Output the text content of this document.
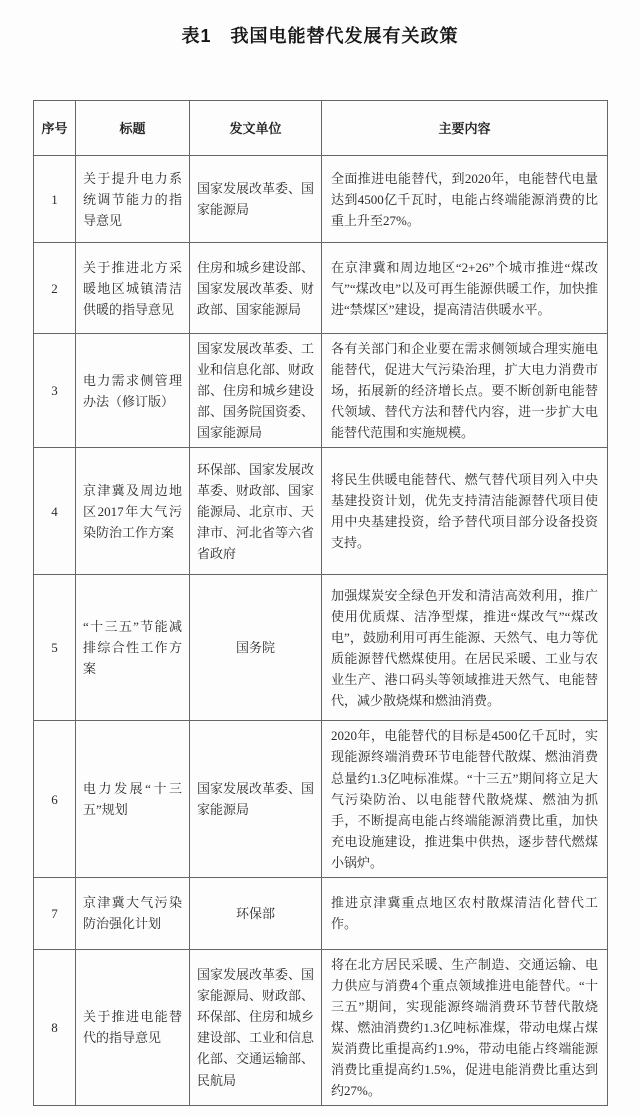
表1　我国电能替代发展有关政策
序号	标题	发文单位	主要内容
1	关于提升电力系统调节能力的指导意见	国家发展改革委、国家能源局	全面推进电能替代，到2020年，电能替代电量达到4500亿千瓦时，电能占终端能源消费的比重上升至27%。
2	关于推进北方采暖地区城镇清洁供暖的指导意见	住房和城乡建设部、国家发展改革委、财政部、国家能源局	在京津冀和周边地区“2+26”个城市推进“煤改气”“煤改电”以及可再生能源供暖工作，加快推进“禁煤区”建设，提高清洁供暖水平。
3	电力需求侧管理办法（修订版）	国家发展改革委、工业和信息化部、财政部、住房和城乡建设部、国务院国资委、国家能源局	各有关部门和企业要在需求侧领域合理实施电能替代，促进大气污染治理，扩大电力消费市场，拓展新的经济增长点。要不断创新电能替代领域、替代方法和替代内容，进一步扩大电能替代范围和实施规模。
4	京津冀及周边地区2017年大气污染防治工作方案	环保部、国家发展改革委、财政部、国家能源局、北京市、天津市、河北省等六省省政府	将民生供暖电能替代、燃气替代项目列入中央基建投资计划，优先支持清洁能源替代项目使用中央基建投资，给予替代项目部分设备投资支持。
5	“十三五”节能减排综合性工作方案	国务院	加强煤炭安全绿色开发和清洁高效利用，推广使用优质煤、洁净型煤，推进“煤改气”“煤改电”，鼓励利用可再生能源、天然气、电力等优质能源替代燃煤使用。在居民采暖、工业与农业生产、港口码头等领域推进天然气、电能替代，减少散烧煤和燃油消费。
6	电力发展“十三五”规划	国家发展改革委、国家能源局	2020年，电能替代的目标是4500亿千瓦时，实现能源终端消费环节电能替代散煤、燃油消费总量约1.3亿吨标准煤。“十三五”期间将立足大气污染防治、以电能替代散烧煤、燃油为抓手，不断提高电能占终端能源消费比重，加快充电设施建设，推进集中供热，逐步替代燃煤小锅炉。
7	京津冀大气污染防治强化计划	环保部	推进京津冀重点地区农村散煤清洁化替代工作。
8	关于推进电能替代的指导意见	国家发展改革委、国家能源局、财政部、环保部、住房和城乡建设部、工业和信息化部、交通运输部、民航局	将在北方居民采暖、生产制造、交通运输、电力供应与消费4个重点领域推进电能替代。“十三五”期间，实现能源终端消费环节替代散烧煤、燃油消费约1.3亿吨标准煤，带动电煤占煤炭消费比重提高约1.9%，带动电能占终端能源消费比重提高约1.5%，促进电能消费比重达到约27%。
